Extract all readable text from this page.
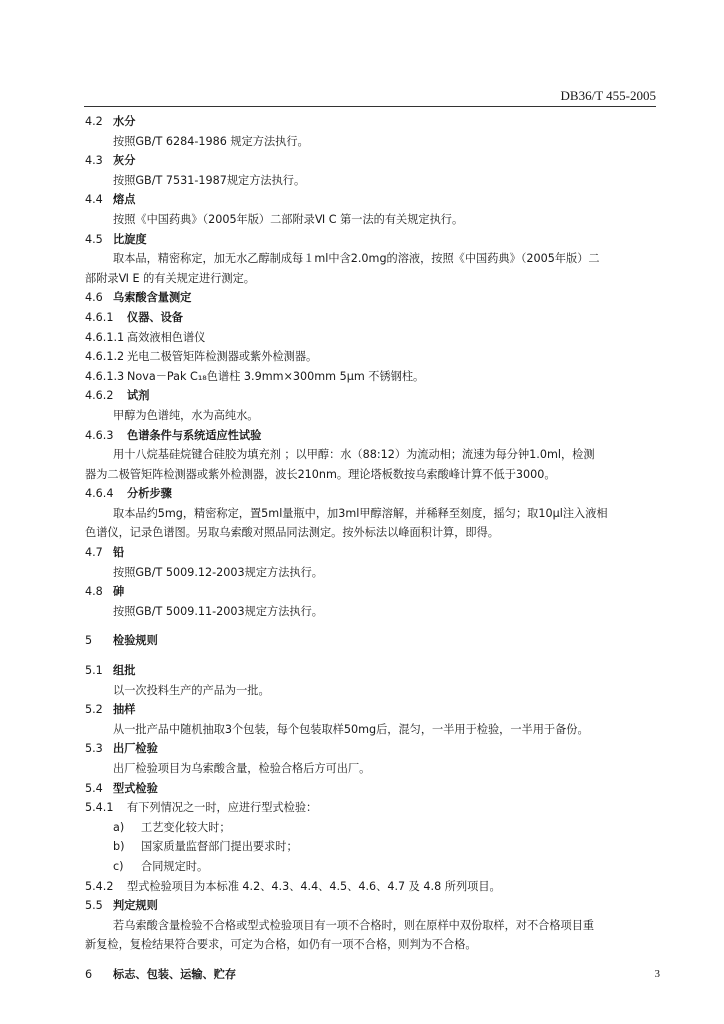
DB36/T 455-2005
4.2 水分
按照GB/T 6284-1986 规定方法执行。
4.3 灰分
按照GB/T 7531-1987规定方法执行。
4.4 熔点
按照《中国药典》（2005年版）二部附录Ⅵ C 第一法的有关规定执行。
4.5 比旋度
取本品，精密称定，加无水乙醇制成每１ml中含2.0mg的溶液，按照《中国药典》（2005年版）二
部附录Ⅵ E 的有关规定进行测定。
4.6 乌索酸含量测定
4.6.1 仪器、设备
4.6.1.1 高效液相色谱仪
4.6.1.2 光电二极管矩阵检测器或紫外检测器。
4.6.1.3 Nova－Pak C₁₈色谱柱 3.9mm×300mm 5μm 不锈钢柱。
4.6.2 试剂
甲醇为色谱纯，水为高纯水。
4.6.3 色谱条件与系统适应性试验
用十八烷基硅烷键合硅胶为填充剂 ；以甲醇：水（88:12）为流动相；流速为每分钟1.0ml，检测
器为二极管矩阵检测器或紫外检测器，波长210nm。理论塔板数按乌索酸峰计算不低于3000。
4.6.4 分析步骤
取本品约5mg，精密称定，置5ml量瓶中，加3ml甲醇溶解，并稀释至刻度，摇匀；取10μl注入液相
色谱仪，记录色谱图。另取乌索酸对照品同法测定。按外标法以峰面积计算，即得。
4.7 铅
按照GB/T 5009.12-2003规定方法执行。
4.8 砷
按照GB/T 5009.11-2003规定方法执行。
5 检验规则
5.1 组批
以一次投料生产的产品为一批。
5.2 抽样
从一批产品中随机抽取3个包装，每个包装取样50mg后，混匀，一半用于检验，一半用于备份。
5.3 出厂检验
出厂检验项目为乌索酸含量，检验合格后方可出厂。
5.4 型式检验
5.4.1 有下列情况之一时，应进行型式检验：
a) 工艺变化较大时；
b) 国家质量监督部门提出要求时；
c) 合同规定时。
5.4.2 型式检验项目为本标准 4.2、4.3、4.4、4.5、4.6、4.7 及 4.8 所列项目。
5.5 判定规则
若乌索酸含量检验不合格或型式检验项目有一项不合格时，则在原样中双份取样，对不合格项目重
新复检，复检结果符合要求，可定为合格，如仍有一项不合格，则判为不合格。
6 标志、包装、运输、贮存	3
